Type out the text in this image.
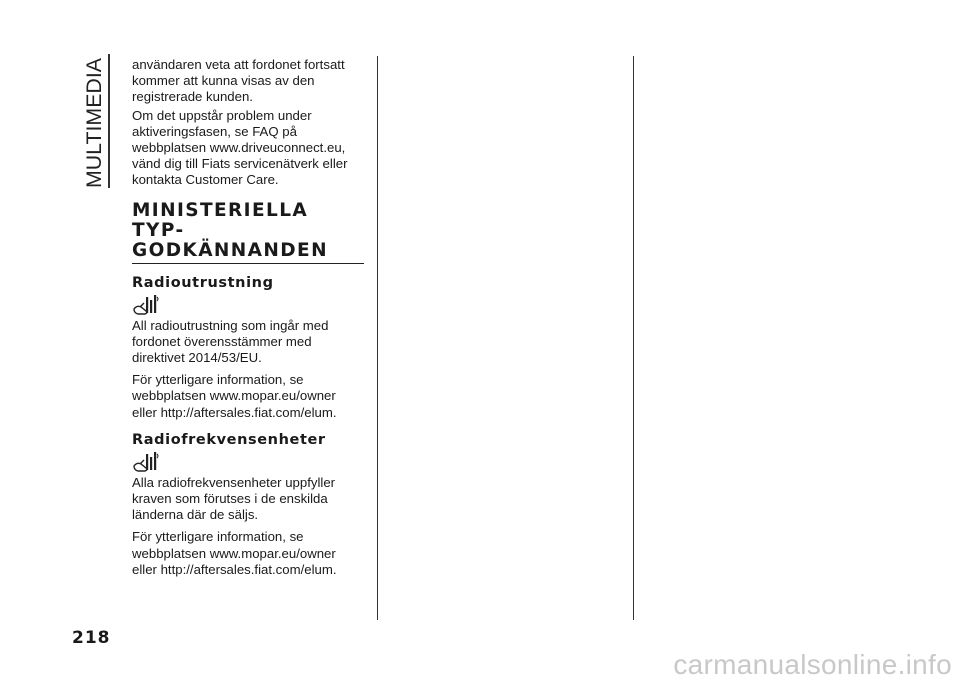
MULTIMEDIA användaren veta att fordonet fortsatt kommer att kunna visas av den registrerade kunden.

Om det uppstår problem under aktiveringsfasen, se FAQ på webbplatsen www.driveuconnect.eu, vänd dig till Fiats servicenätverk eller kontakta Customer Care.

MINISTERIELLA
TYP-
GODKÄNNANDEN
Radioutrustning

All radioutrustning som ingår med fordonet överensstämmer med direktivet 2014/53/EU.

För ytterligare information, se webbplatsen www.mopar.eu/owner eller http://aftersales.fiat.com/elum.

Radiofrekvensenheter

Alla radiofrekvensenheter uppfyller kraven som förutses i de enskilda länderna där de säljs.

För ytterligare information, se webbplatsen www.mopar.eu/owner eller http://aftersales.fiat.com/elum.

218
carmanualsonline.info
